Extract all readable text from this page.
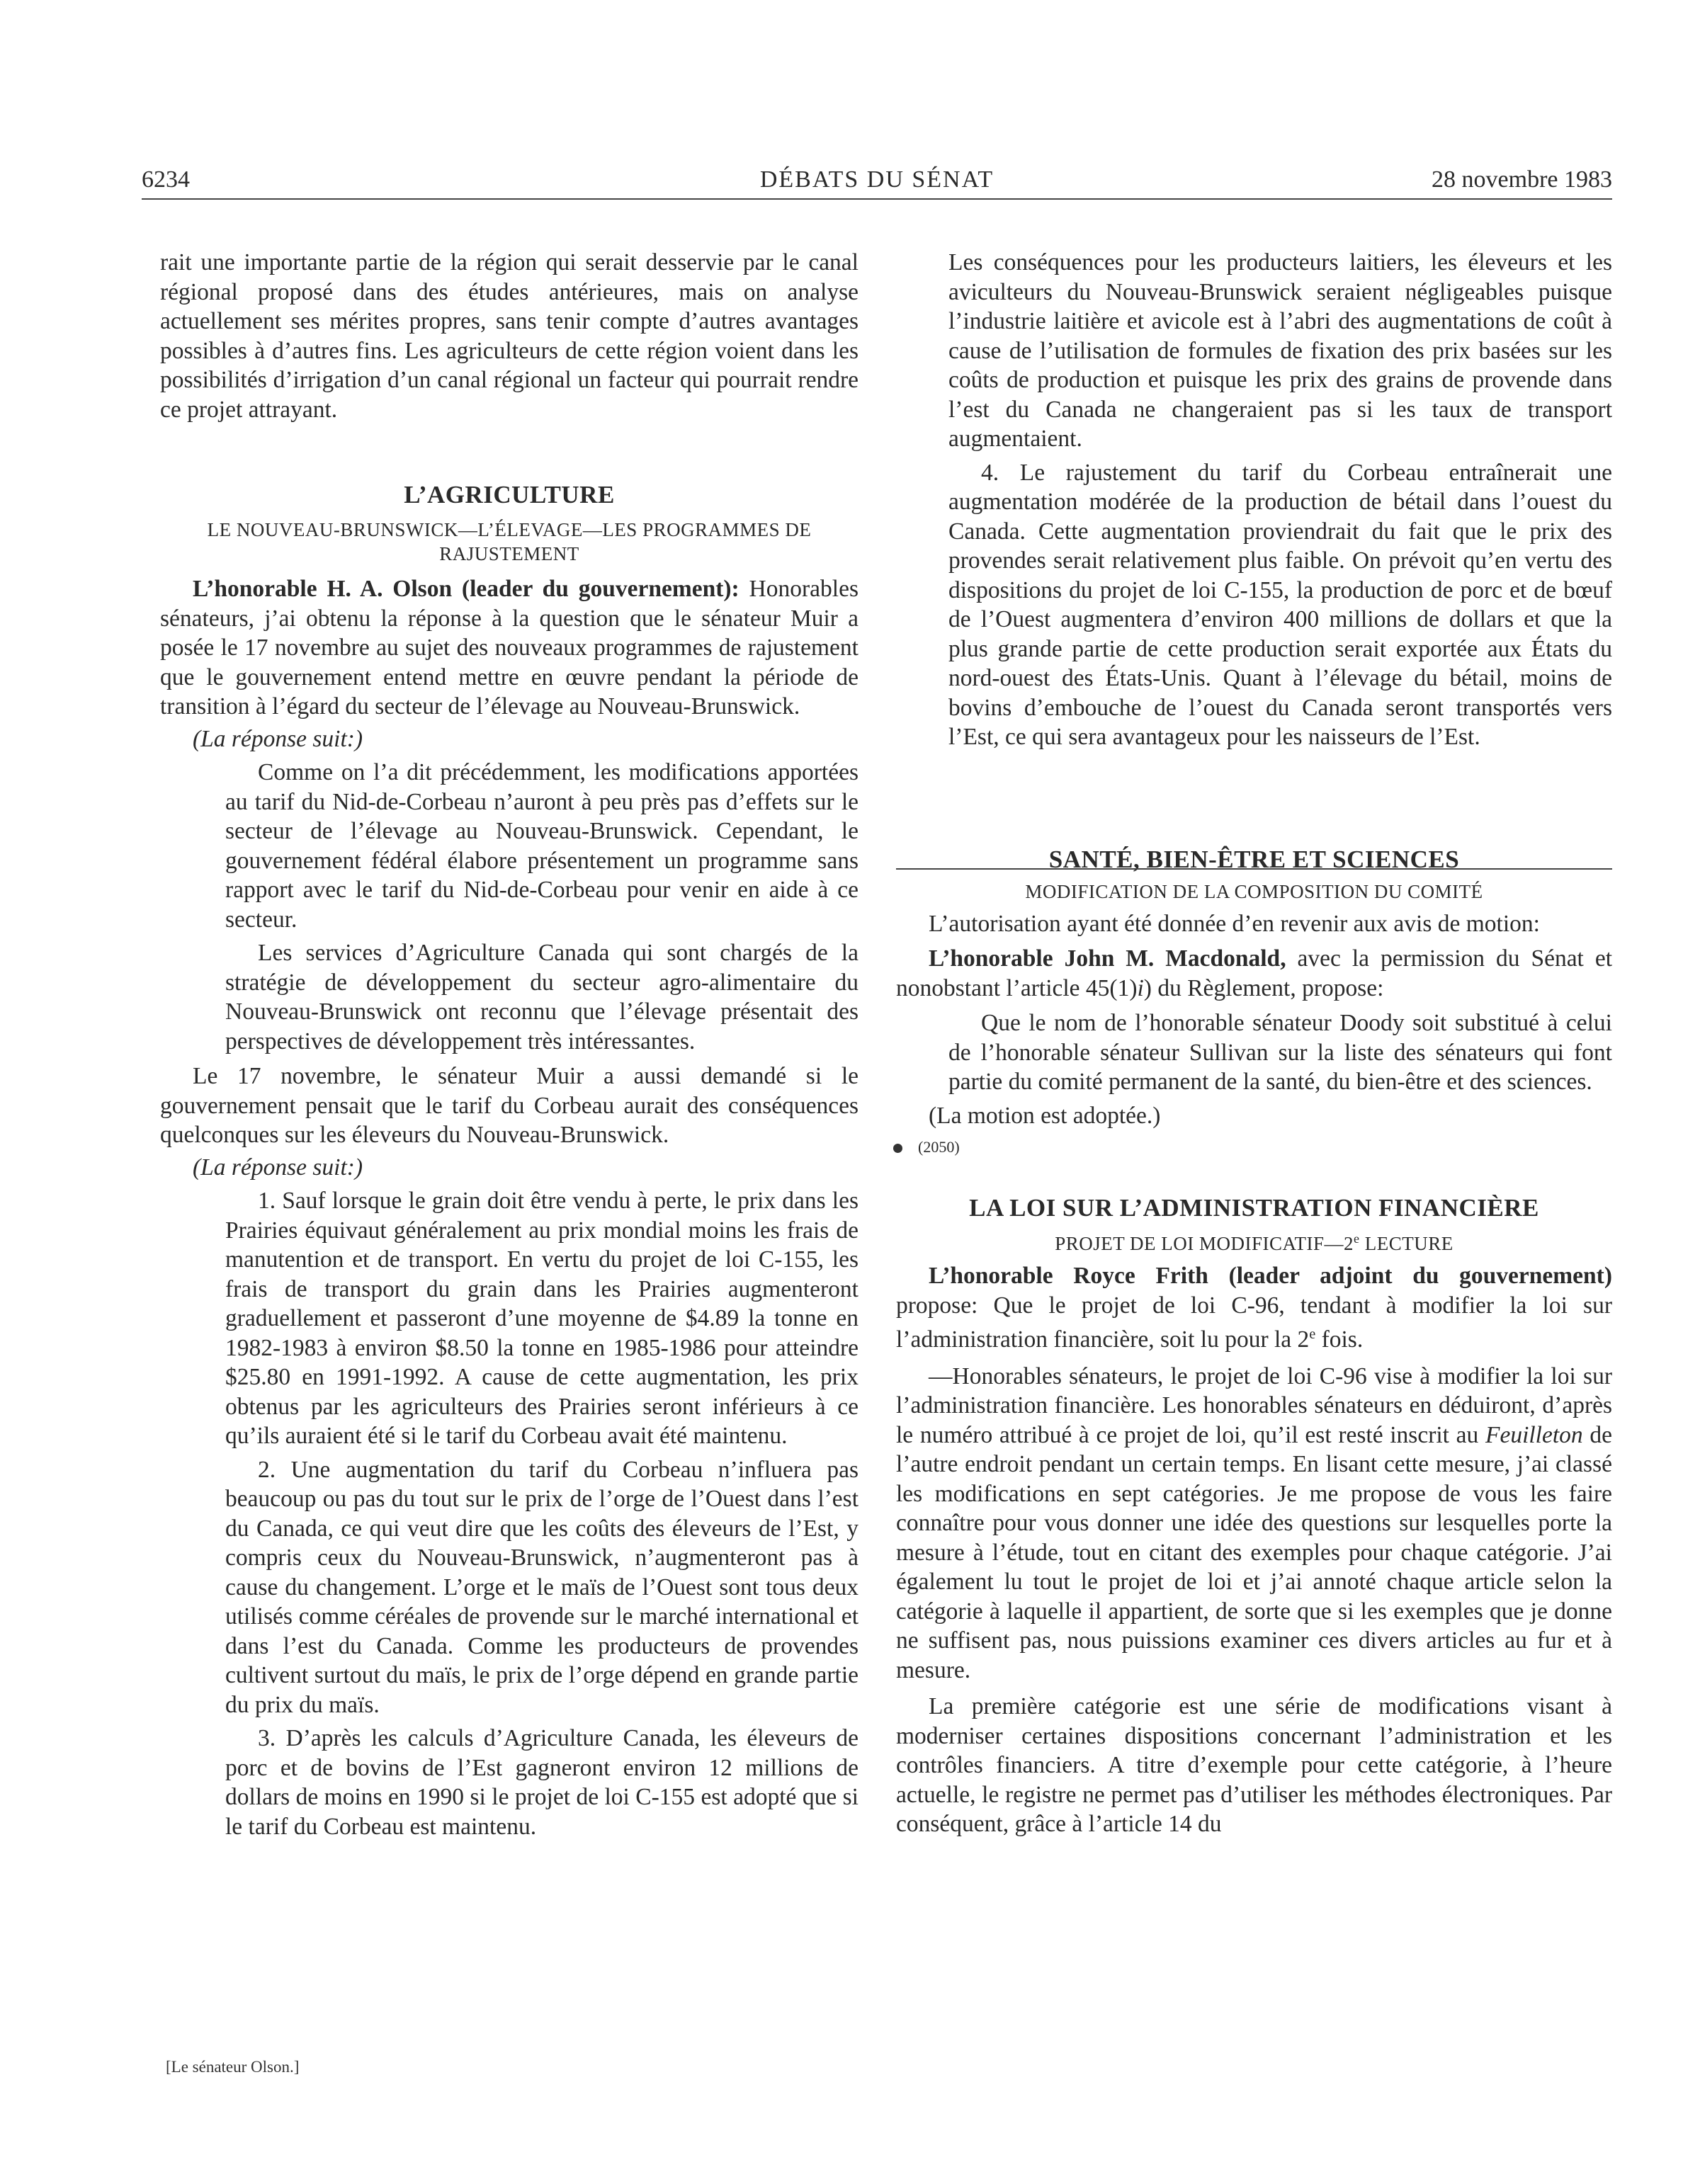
6234	DÉBATS DU SÉNAT	28 novembre 1983

rait une importante partie de la région qui serait desservie par le canal régional proposé dans des études antérieures, mais on analyse actuellement ses mérites propres, sans tenir compte d’autres avantages possibles à d’autres fins. Les agriculteurs de cette région voient dans les possibilités d’irrigation d’un canal régional un facteur qui pourrait rendre ce projet attrayant.

L’AGRICULTURE

LE NOUVEAU-BRUNSWICK—L’ÉLEVAGE—LES PROGRAMMES DE RAJUSTEMENT

L’honorable H. A. Olson (leader du gouvernement): Honorables sénateurs, j’ai obtenu la réponse à la question que le sénateur Muir a posée le 17 novembre au sujet des nouveaux programmes de rajustement que le gouvernement entend mettre en œuvre pendant la période de transition à l’égard du secteur de l’élevage au Nouveau-Brunswick.

(La réponse suit:)

Comme on l’a dit précédemment, les modifications apportées au tarif du Nid-de-Corbeau n’auront à peu près pas d’effets sur le secteur de l’élevage au Nouveau-Brunswick. Cependant, le gouvernement fédéral élabore présentement un programme sans rapport avec le tarif du Nid-de-Corbeau pour venir en aide à ce secteur.

Les services d’Agriculture Canada qui sont chargés de la stratégie de développement du secteur agro-alimentaire du Nouveau-Brunswick ont reconnu que l’élevage présentait des perspectives de développement très intéressantes.

Le 17 novembre, le sénateur Muir a aussi demandé si le gouvernement pensait que le tarif du Corbeau aurait des conséquences quelconques sur les éleveurs du Nouveau-Brunswick.

(La réponse suit:)

1. Sauf lorsque le grain doit être vendu à perte, le prix dans les Prairies équivaut généralement au prix mondial moins les frais de manutention et de transport. En vertu du projet de loi C-155, les frais de transport du grain dans les Prairies augmenteront graduellement et passeront d’une moyenne de $4.89 la tonne en 1982-1983 à environ $8.50 la tonne en 1985-1986 pour atteindre $25.80 en 1991-1992. A cause de cette augmentation, les prix obtenus par les agriculteurs des Prairies seront inférieurs à ce qu’ils auraient été si le tarif du Corbeau avait été maintenu.

2. Une augmentation du tarif du Corbeau n’influera pas beaucoup ou pas du tout sur le prix de l’orge de l’Ouest dans l’est du Canada, ce qui veut dire que les coûts des éleveurs de l’Est, y compris ceux du Nouveau-Brunswick, n’augmenteront pas à cause du changement. L’orge et le maïs de l’Ouest sont tous deux utilisés comme céréales de provende sur le marché international et dans l’est du Canada. Comme les producteurs de provendes cultivent surtout du maïs, le prix de l’orge dépend en grande partie du prix du maïs.

3. D’après les calculs d’Agriculture Canada, les éleveurs de porc et de bovins de l’Est gagneront environ 12 millions de dollars de moins en 1990 si le projet de loi C-155 est adopté que si le tarif du Corbeau est maintenu.

Les conséquences pour les producteurs laitiers, les éleveurs et les aviculteurs du Nouveau-Brunswick seraient négligeables puisque l’industrie laitière et avicole est à l’abri des augmentations de coût à cause de l’utilisation de formules de fixation des prix basées sur les coûts de production et puisque les prix des grains de provende dans l’est du Canada ne changeraient pas si les taux de transport augmentaient.

4. Le rajustement du tarif du Corbeau entraînerait une augmentation modérée de la production de bétail dans l’ouest du Canada. Cette augmentation proviendrait du fait que le prix des provendes serait relativement plus faible. On prévoit qu’en vertu des dispositions du projet de loi C-155, la production de porc et de bœuf de l’Ouest augmentera d’environ 400 millions de dollars et que la plus grande partie de cette production serait exportée aux États du nord-ouest des États-Unis. Quant à l’élevage du bétail, moins de bovins d’embouche de l’ouest du Canada seront transportés vers l’Est, ce qui sera avantageux pour les naisseurs de l’Est.

SANTÉ, BIEN-ÊTRE ET SCIENCES

MODIFICATION DE LA COMPOSITION DU COMITÉ

L’autorisation ayant été donnée d’en revenir aux avis de motion:

L’honorable John M. Macdonald, avec la permission du Sénat et nonobstant l’article 45(1)i) du Règlement, propose:

Que le nom de l’honorable sénateur Doody soit substitué à celui de l’honorable sénateur Sullivan sur la liste des sénateurs qui font partie du comité permanent de la santé, du bien-être et des sciences.

(La motion est adoptée.)

(2050)
LA LOI SUR L’ADMINISTRATION FINANCIÈRE

PROJET DE LOI MODIFICATIF—2e LECTURE

L’honorable Royce Frith (leader adjoint du gouvernement) propose: Que le projet de loi C-96, tendant à modifier la loi sur l’administration financière, soit lu pour la 2e fois.

—Honorables sénateurs, le projet de loi C-96 vise à modifier la loi sur l’administration financière. Les honorables sénateurs en déduiront, d’après le numéro attribué à ce projet de loi, qu’il est resté inscrit au Feuilleton de l’autre endroit pendant un certain temps. En lisant cette mesure, j’ai classé les modifications en sept catégories. Je me propose de vous les faire connaître pour vous donner une idée des questions sur lesquelles porte la mesure à l’étude, tout en citant des exemples pour chaque catégorie. J’ai également lu tout le projet de loi et j’ai annoté chaque article selon la catégorie à laquelle il appartient, de sorte que si les exemples que je donne ne suffisent pas, nous puissions examiner ces divers articles au fur et à mesure.

La première catégorie est une série de modifications visant à moderniser certaines dispositions concernant l’administration et les contrôles financiers. A titre d’exemple pour cette catégorie, à l’heure actuelle, le registre ne permet pas d’utiliser les méthodes électroniques. Par conséquent, grâce à l’article 14 du

[Le sénateur Olson.]
